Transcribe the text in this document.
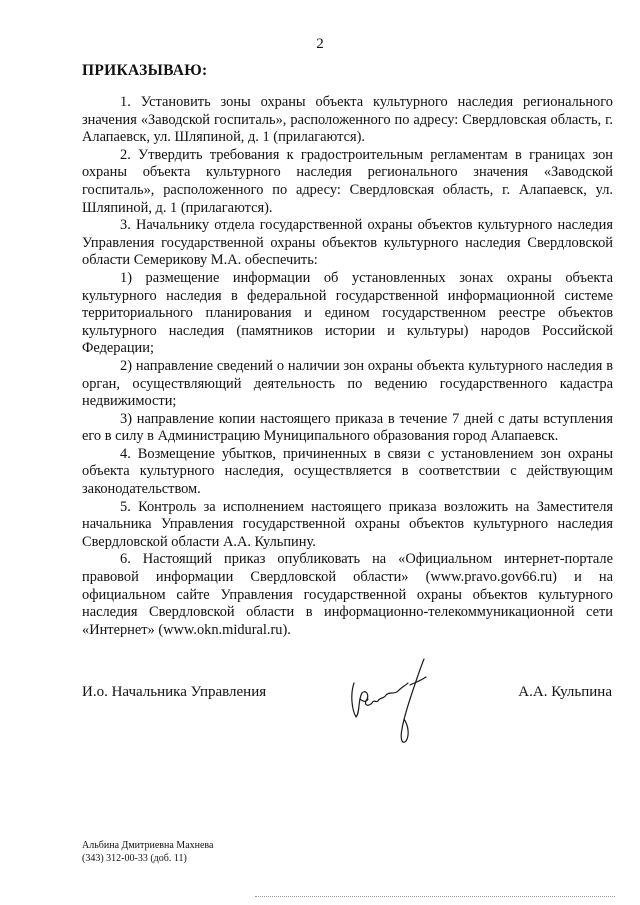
2
ПРИКАЗЫВАЮ:

1. Установить зоны охраны объекта культурного наследия регионального значения «Заводской госпиталь», расположенного по адресу: Свердловская область, г. Алапаевск, ул. Шляпиной, д. 1 (прилагаются).

2. Утвердить требования к градостроительным регламентам в границах зон охраны объекта культурного наследия регионального значения «Заводской госпиталь», расположенного по адресу: Свердловская область, г. Алапаевск, ул. Шляпиной, д. 1 (прилагаются).

3. Начальнику отдела государственной охраны объектов культурного наследия Управления государственной охраны объектов культурного наследия Свердловской области Семерикову М.А. обеспечить:

1) размещение информации об установленных зонах охраны объекта культурного наследия в федеральной государственной информационной системе территориального планирования и едином государственном реестре объектов культурного наследия (памятников истории и культуры) народов Российской Федерации;

2) направление сведений о наличии зон охраны объекта культурного наследия в орган, осуществляющий деятельность по ведению государственного кадастра недвижимости;

3) направление копии настоящего приказа в течение 7 дней с даты вступления его в силу в Администрацию Муниципального образования город Алапаевск.

4. Возмещение убытков, причиненных в связи с установлением зон охраны объекта культурного наследия, осуществляется в соответствии с действующим законодательством.

5. Контроль за исполнением настоящего приказа возложить на Заместителя начальника Управления государственной охраны объектов культурного наследия Свердловской области А.А. Кульпину.

6. Настоящий приказ опубликовать на «Официальном интернет-портале правовой информации Свердловской области» (www.pravo.gov66.ru) и на официальном сайте Управления государственной охраны объектов культурного наследия Свердловской области в информационно-телекоммуникационной сети «Интернет» (www.okn.midural.ru).

И.о. Начальника Управления	А.А. Кульпина
Альбина Дмитриевна Махнева
(343) 312-00-33 (доб. 11)
